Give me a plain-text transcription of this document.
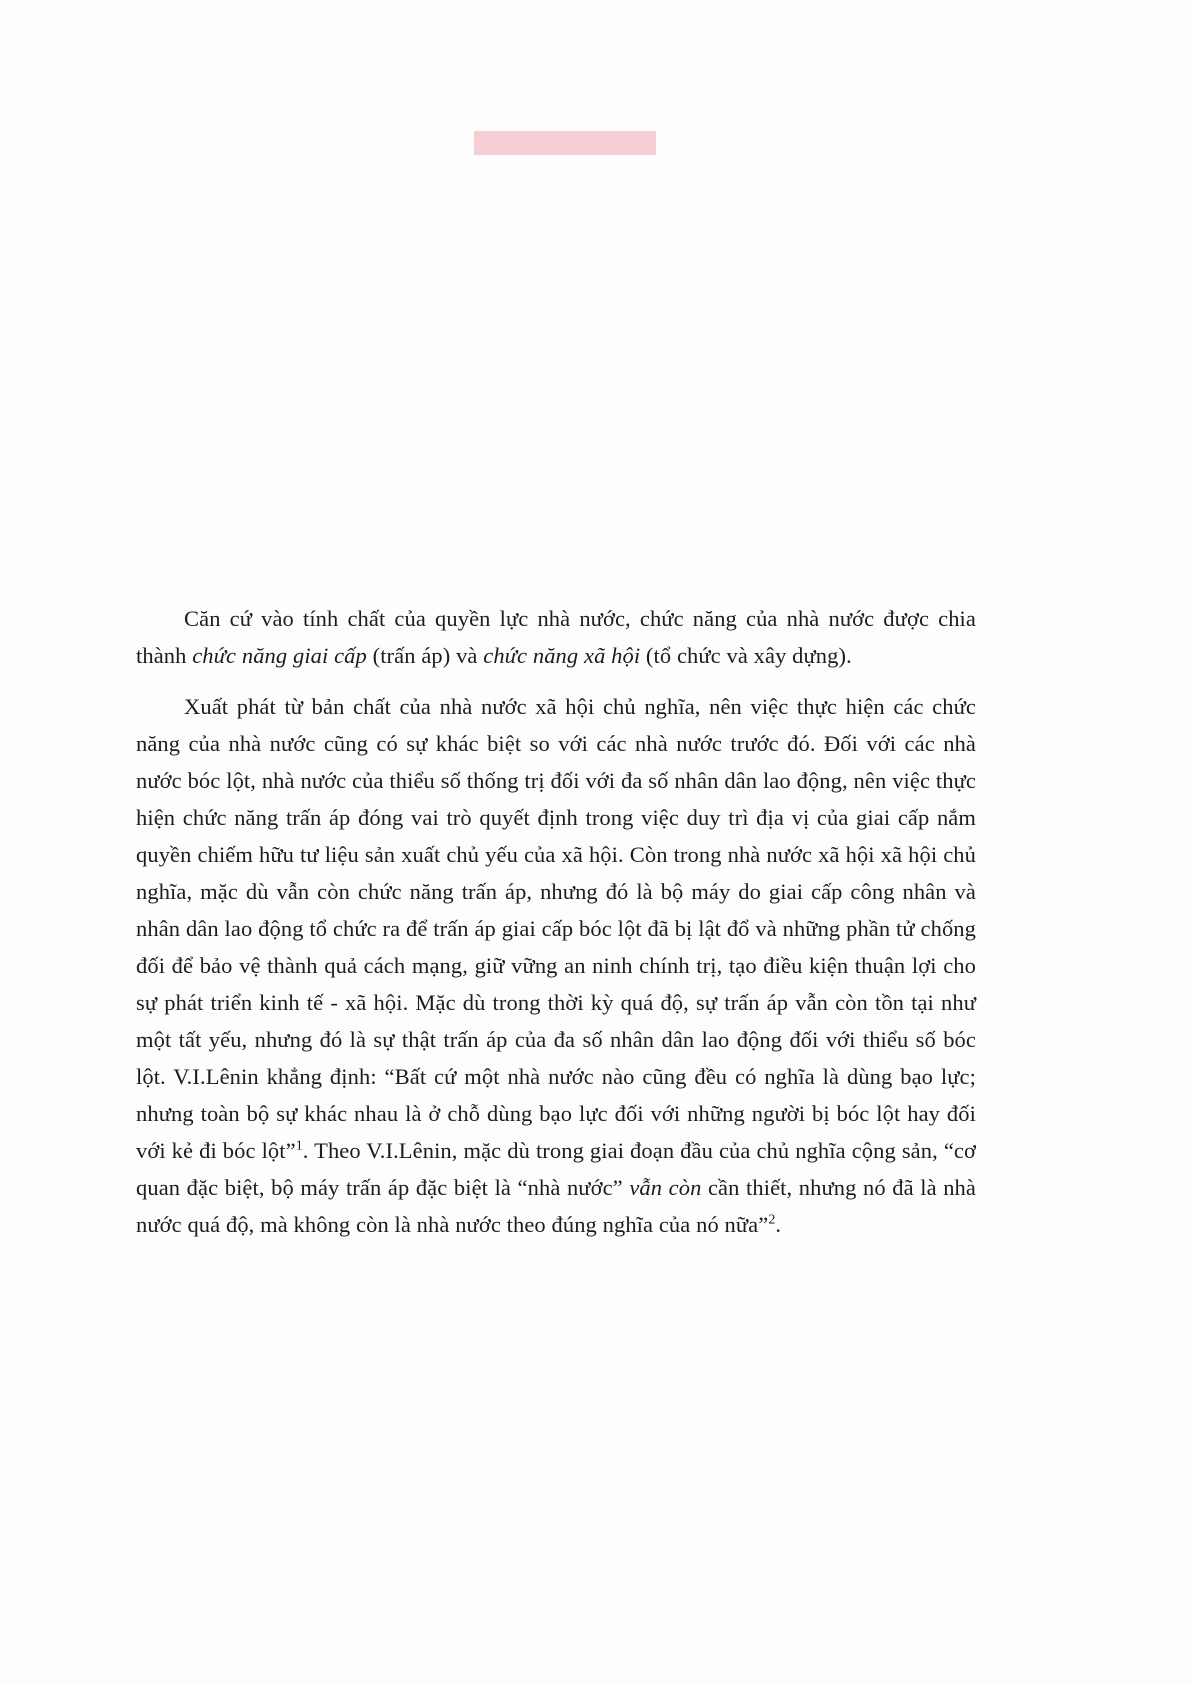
Căn cứ vào tính chất của quyền lực nhà nước, chức năng của nhà nước được chia thành chức năng giai cấp (trấn áp) và chức năng xã hội (tổ chức và xây dựng).

Xuất phát từ bản chất của nhà nước xã hội chủ nghĩa, nên việc thực hiện các chức năng của nhà nước cũng có sự khác biệt so với các nhà nước trước đó. Đối với các nhà nước bóc lột, nhà nước của thiểu số thống trị đối với đa số nhân dân lao động, nên việc thực hiện chức năng trấn áp đóng vai trò quyết định trong việc duy trì địa vị của giai cấp nắm quyền chiếm hữu tư liệu sản xuất chủ yếu của xã hội. Còn trong nhà nước xã hội xã hội chủ nghĩa, mặc dù vẫn còn chức năng trấn áp, nhưng đó là bộ máy do giai cấp công nhân và nhân dân lao động tổ chức ra để trấn áp giai cấp bóc lột đã bị lật đổ và những phần tử chống đối để bảo vệ thành quả cách mạng, giữ vững an ninh chính trị, tạo điều kiện thuận lợi cho sự phát triển kinh tế - xã hội. Mặc dù trong thời kỳ quá độ, sự trấn áp vẫn còn tồn tại như một tất yếu, nhưng đó là sự thật trấn áp của đa số nhân dân lao động đối với thiểu số bóc lột. V.I.Lênin khẳng định: “Bất cứ một nhà nước nào cũng đều có nghĩa là dùng bạo lực; nhưng toàn bộ sự khác nhau là ở chỗ dùng bạo lực đối với những người bị bóc lột hay đối với kẻ đi bóc lột”$^1$. Theo V.I.Lênin, mặc dù trong giai đoạn đầu của chủ nghĩa cộng sản, “cơ quan đặc biệt, bộ máy trấn áp đặc biệt là “nhà nước” vẫn còn cần thiết, nhưng nó đã là nhà nước quá độ, mà không còn là nhà nước theo đúng nghĩa của nó nữa”$^2$.
